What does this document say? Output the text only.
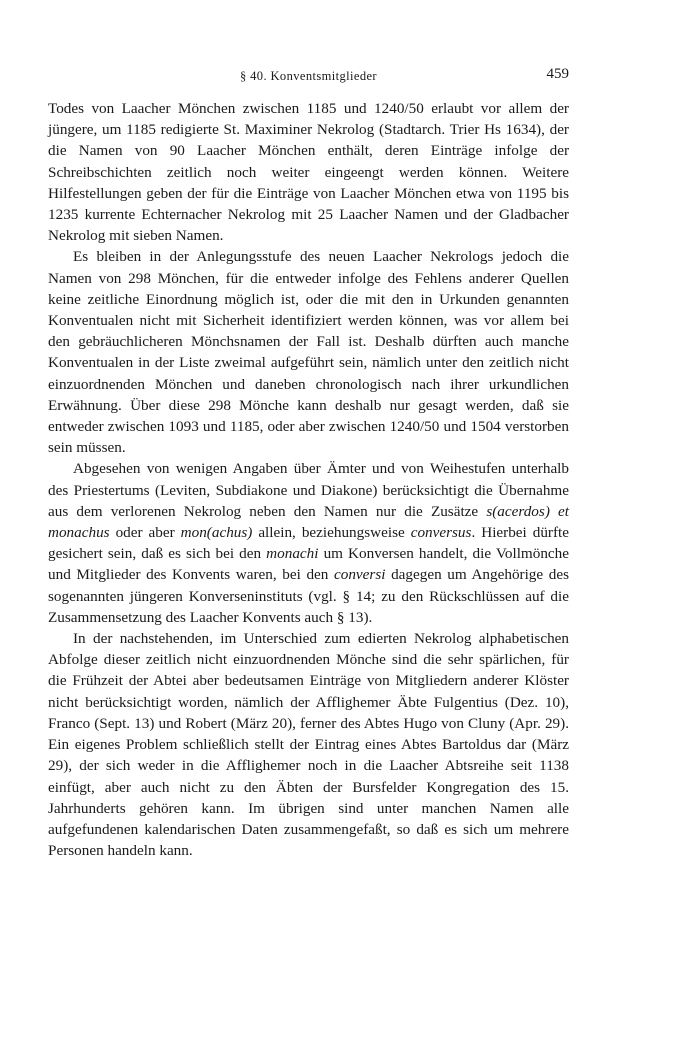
§ 40. Konventsmitglieder	459

Todes von Laacher Mönchen zwischen 1185 und 1240/50 erlaubt vor allem der jüngere, um 1185 redigierte St. Maximiner Nekrolog (Stadtarch. Trier Hs 1634), der die Namen von 90 Laacher Mönchen enthält, deren Einträge infolge der Schreibschichten zeitlich noch weiter eingeengt werden können. Weitere Hilfestellungen geben der für die Einträge von Laacher Mönchen etwa von 1195 bis 1235 kurrente Echternacher Nekrolog mit 25 Laacher Namen und der Gladbacher Nekrolog mit sieben Namen.

Es bleiben in der Anlegungsstufe des neuen Laacher Nekrologs jedoch die Namen von 298 Mönchen, für die entweder infolge des Fehlens anderer Quellen keine zeitliche Einordnung möglich ist, oder die mit den in Urkunden genannten Konventualen nicht mit Sicherheit identifiziert werden können, was vor allem bei den gebräuchlicheren Mönchsnamen der Fall ist. Deshalb dürften auch manche Konventualen in der Liste zweimal aufgeführt sein, nämlich unter den zeitlich nicht einzuordnenden Mönchen und daneben chronologisch nach ihrer urkundlichen Erwähnung. Über diese 298 Mönche kann deshalb nur gesagt werden, daß sie entweder zwischen 1093 und 1185, oder aber zwischen 1240/50 und 1504 verstorben sein müssen.

Abgesehen von wenigen Angaben über Ämter und von Weihestufen unterhalb des Priestertums (Leviten, Subdiakone und Diakone) berücksichtigt die Übernahme aus dem verlorenen Nekrolog neben den Namen nur die Zusätze s(acerdos) et monachus oder aber mon(achus) allein, beziehungsweise conversus. Hierbei dürfte gesichert sein, daß es sich bei den monachi um Konversen handelt, die Vollmönche und Mitglieder des Konvents waren, bei den conversi dagegen um Angehörige des sogenannten jüngeren Konverseninstituts (vgl. § 14; zu den Rückschlüssen auf die Zusammensetzung des Laacher Konvents auch § 13).

In der nachstehenden, im Unterschied zum edierten Nekrolog alphabetischen Abfolge dieser zeitlich nicht einzuordnenden Mönche sind die sehr spärlichen, für die Frühzeit der Abtei aber bedeutsamen Einträge von Mitgliedern anderer Klöster nicht berücksichtigt worden, nämlich der Afflighemer Äbte Fulgentius (Dez. 10), Franco (Sept. 13) und Robert (März 20), ferner des Abtes Hugo von Cluny (Apr. 29). Ein eigenes Problem schließlich stellt der Eintrag eines Abtes Bartoldus dar (März 29), der sich weder in die Afflighemer noch in die Laacher Abtsreihe seit 1138 einfügt, aber auch nicht zu den Äbten der Bursfelder Kongregation des 15. Jahrhunderts gehören kann. Im übrigen sind unter manchen Namen alle aufgefundenen kalendarischen Daten zusammengefaßt, so daß es sich um mehrere Personen handeln kann.
